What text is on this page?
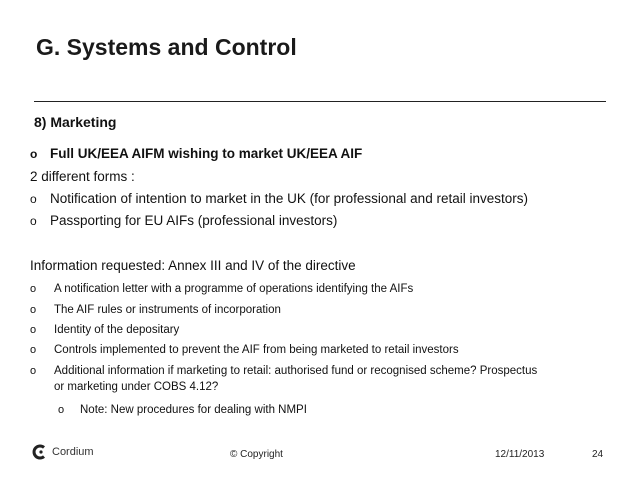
G. Systems and Control
8) Marketing
o Full UK/EEA AIFM wishing to market UK/EEA AIF
2 different forms :
o Notification of intention to market in the UK (for professional and retail investors)
o Passporting for EU AIFs (professional investors)
Information requested: Annex III and IV of the directive
o A notification letter with a programme of operations identifying the AIFs
o The AIF rules or instruments of incorporation
o Identity of the depositary
o Controls implemented to prevent the AIF from being marketed to retail investors
o Additional information if marketing to retail: authorised fund or recognised scheme? Prospectus
or marketing under COBS 4.12?
o Note: New procedures for dealing with NMPI
Cordium	© Copyright	12/11/2013	24
